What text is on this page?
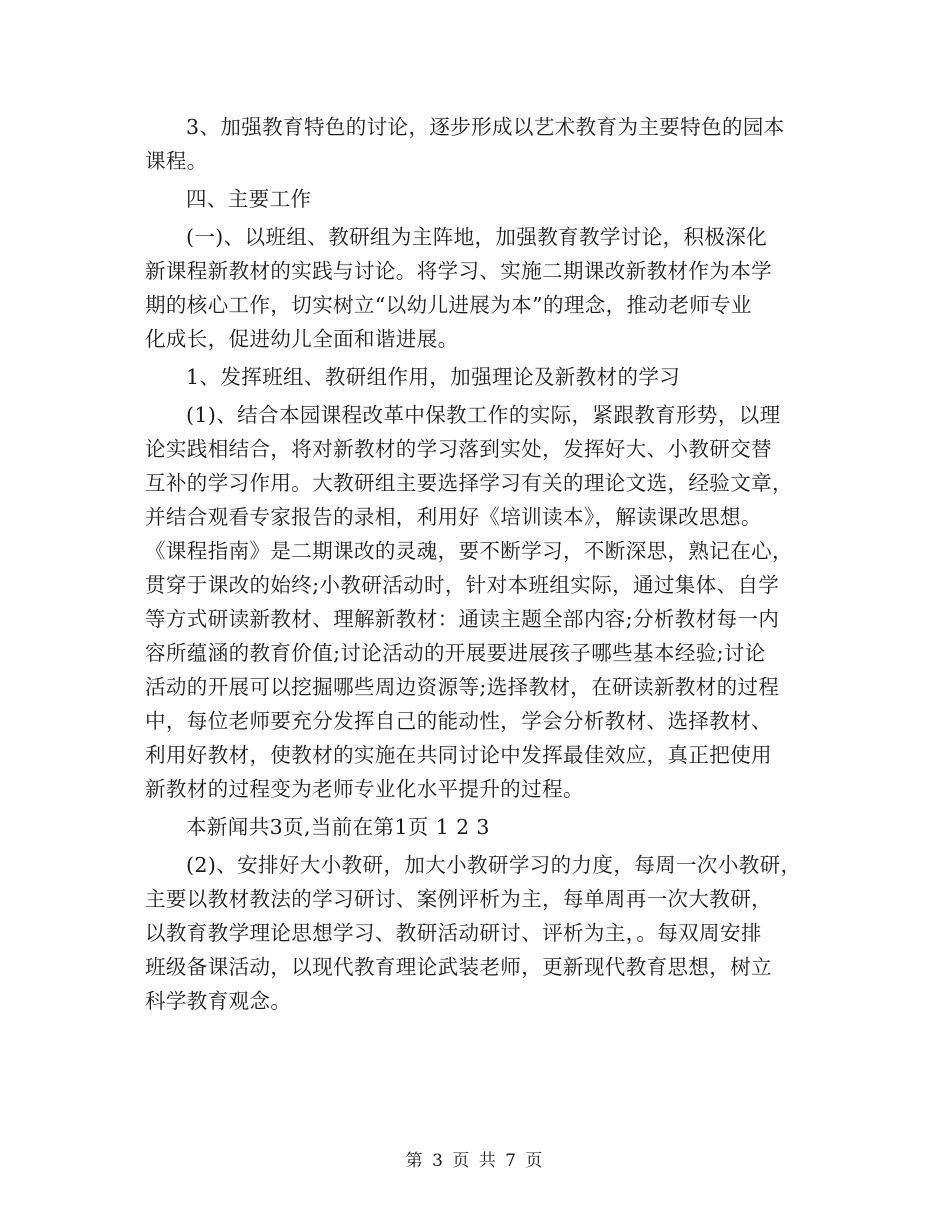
3、加强教育特色的讨论，逐步形成以艺术教育为主要特色的园本
课程。
四、主要工作
(一)、以班组、教研组为主阵地，加强教育教学讨论，积极深化
新课程新教材的实践与讨论。将学习、实施二期课改新教材作为本学
期的核心工作，切实树立“以幼儿进展为本”的理念，推动老师专业
化成长，促进幼儿全面和谐进展。
1、发挥班组、教研组作用，加强理论及新教材的学习
(1)、结合本园课程改革中保教工作的实际，紧跟教育形势，以理
论实践相结合，将对新教材的学习落到实处，发挥好大、小教研交替
互补的学习作用。大教研组主要选择学习有关的理论文选，经验文章，
并结合观看专家报告的录相，利用好《培训读本》，解读课改思想。
《课程指南》是二期课改的灵魂，要不断学习，不断深思，熟记在心，
贯穿于课改的始终;小教研活动时，针对本班组实际，通过集体、自学
等方式研读新教材、理解新教材：通读主题全部内容;分析教材每一内
容所蕴涵的教育价值;讨论活动的开展要进展孩子哪些基本经验;讨论
活动的开展可以挖掘哪些周边资源等;选择教材，在研读新教材的过程
中，每位老师要充分发挥自己的能动性，学会分析教材、选择教材、
利用好教材，使教材的实施在共同讨论中发挥最佳效应，真正把使用
新教材的过程变为老师专业化水平提升的过程。
本新闻共3页,当前在第1页 1 2 3
(2)、安排好大小教研，加大小教研学习的力度，每周一次小教研，
主要以教材教法的学习研讨、案例评析为主，每单周再一次大教研，
以教育教学理论思想学习、教研活动研讨、评析为主，。每双周安排
班级备课活动，以现代教育理论武装老师，更新现代教育思想，树立
科学教育观念。
第 3 页 共 7 页
